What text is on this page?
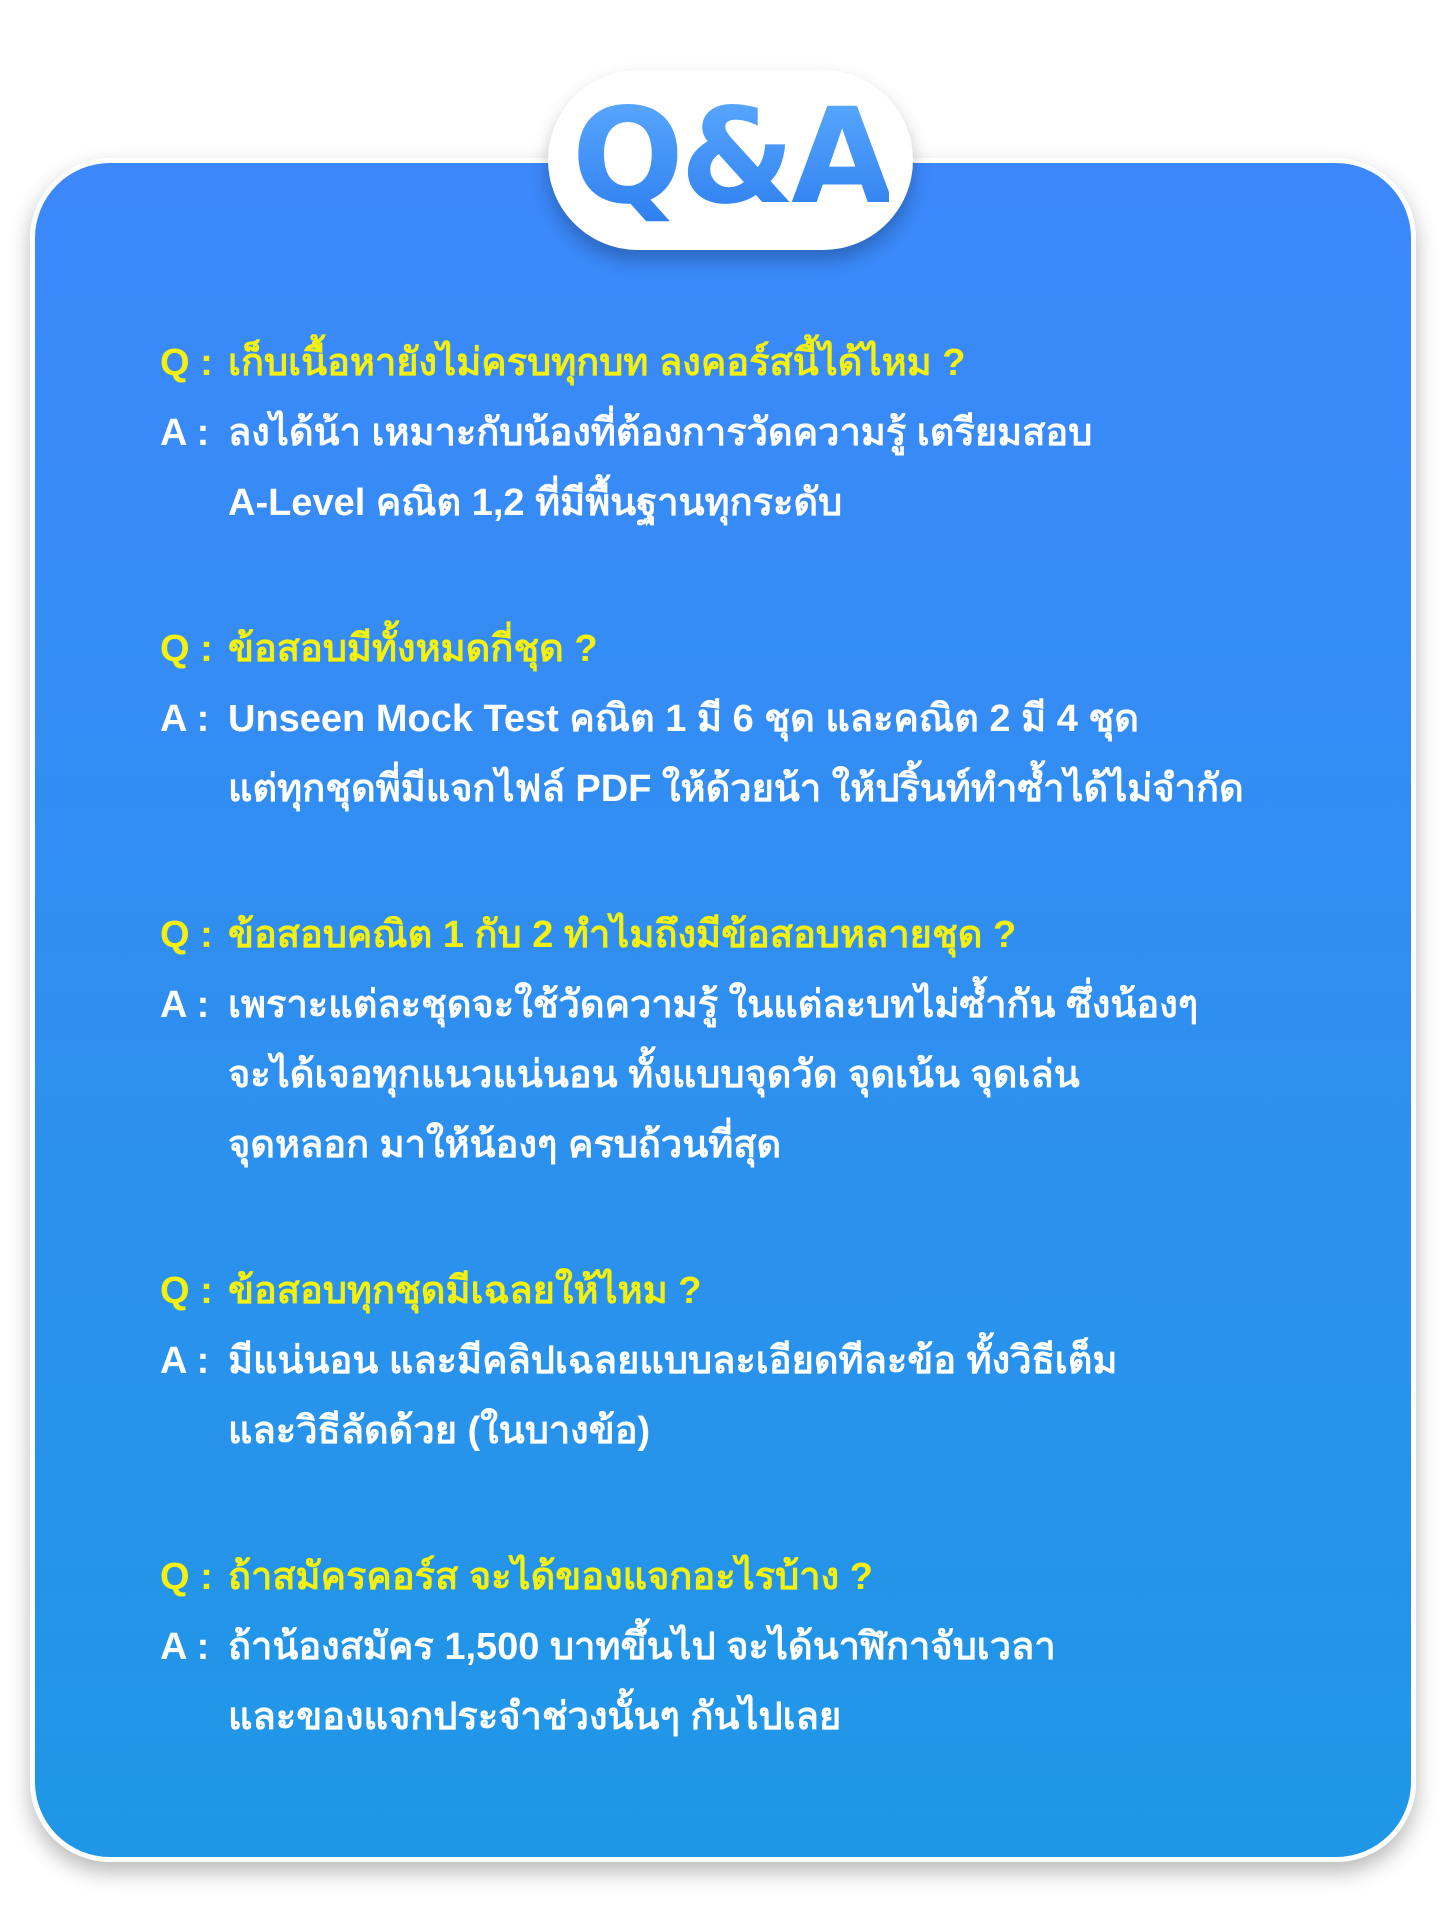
Q&A
Q : เก็บเนื้อหายังไม่ครบทุกบท ลงคอร์สนี้ได้ไหม ?
A : ลงได้น้า เหมาะกับน้องที่ต้องการวัดความรู้ เตรียมสอบ
A-Level คณิต 1,2 ที่มีพื้นฐานทุกระดับ
Q : ข้อสอบมีทั้งหมดกี่ชุด ?
A : Unseen Mock Test คณิต 1 มี 6 ชุด และคณิต 2 มี 4 ชุด
แต่ทุกชุดพี่มีแจกไฟล์ PDF ให้ด้วยน้า ให้ปริ้นท์ทำซ้ำได้ไม่จำกัด
Q : ข้อสอบคณิต 1 กับ 2 ทำไมถึงมีข้อสอบหลายชุด ?
A : เพราะแต่ละชุดจะใช้วัดความรู้ ในแต่ละบทไม่ซ้ำกัน ซึ่งน้องๆ
จะได้เจอทุกแนวแน่นอน ทั้งแบบจุดวัด จุดเน้น จุดเล่น
จุดหลอก มาให้น้องๆ ครบถ้วนที่สุด
Q : ข้อสอบทุกชุดมีเฉลยให้ไหม ?
A : มีแน่นอน และมีคลิปเฉลยแบบละเอียดทีละข้อ ทั้งวิธีเต็ม
และวิธีลัดด้วย (ในบางข้อ)
Q : ถ้าสมัครคอร์ส จะได้ของแจกอะไรบ้าง ?
A : ถ้าน้องสมัคร 1,500 บาทขึ้นไป จะได้นาฬิกาจับเวลา
และของแจกประจำช่วงนั้นๆ กันไปเลย
